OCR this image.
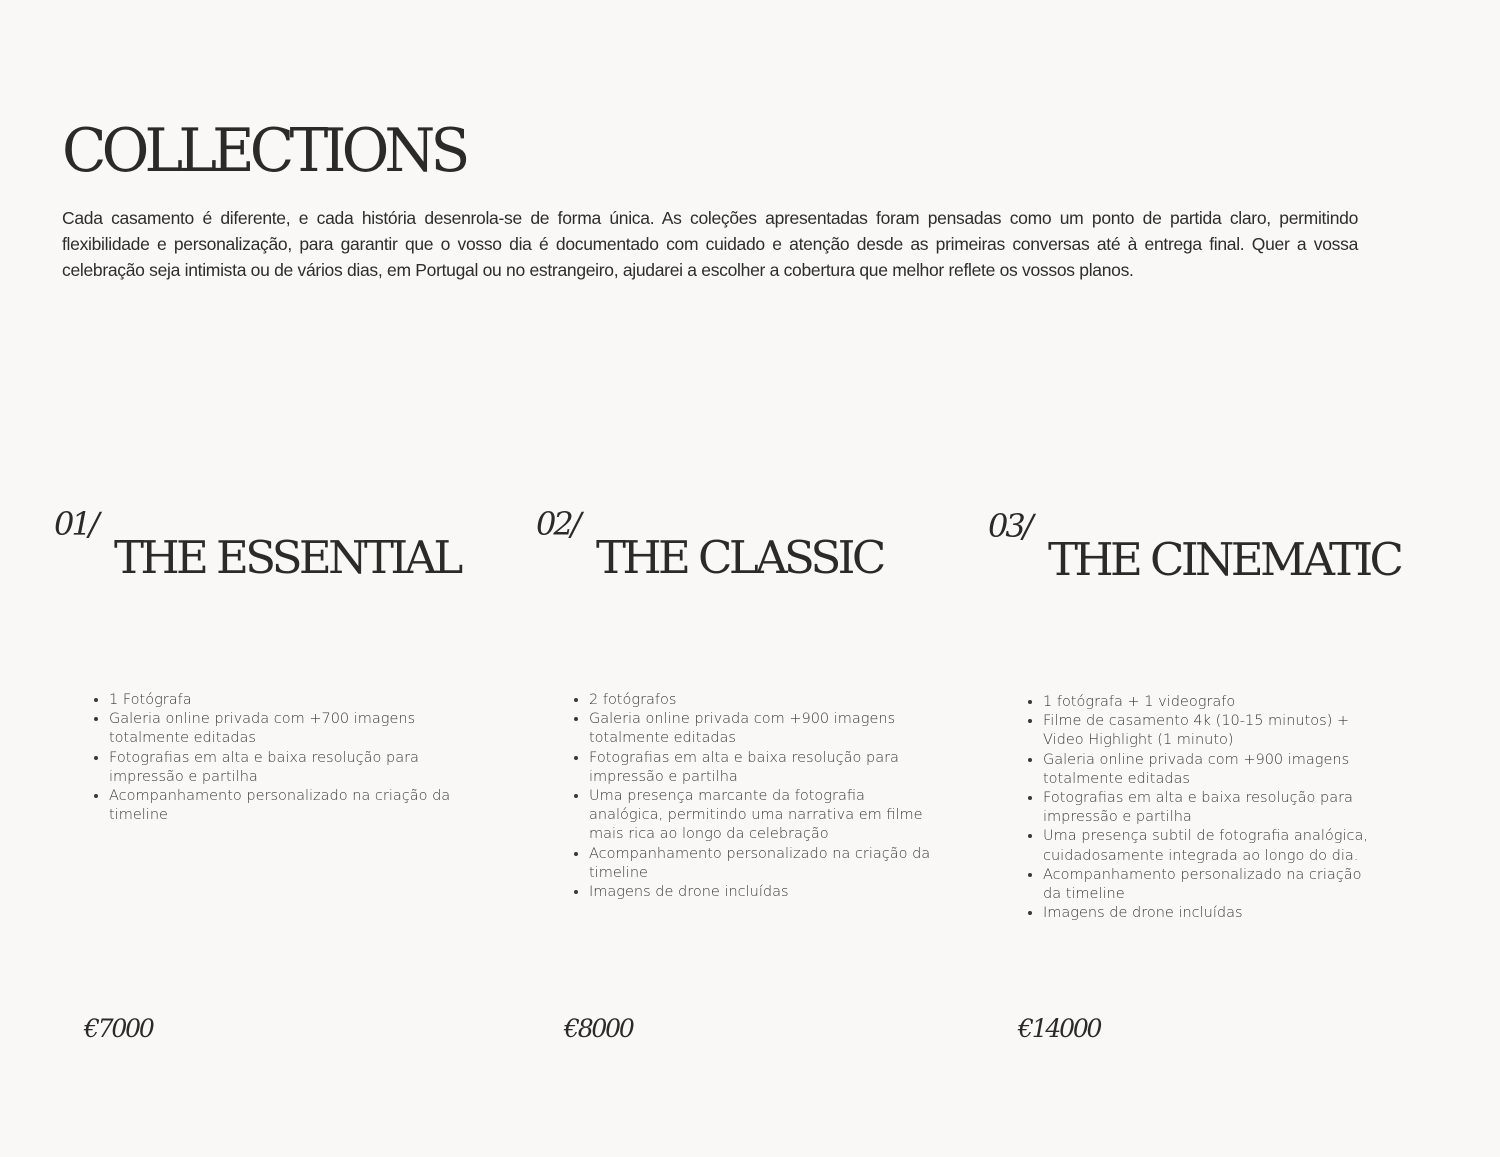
COLLECTIONS

Cada casamento é diferente, e cada história desenrola-se de forma única. As coleções apresentadas foram pensadas como um ponto de partida claro, permitindo flexibilidade e personalização, para garantir que o vosso dia é documentado com cuidado e atenção desde as primeiras conversas até à entrega final. Quer a vossa celebração seja intimista ou de vários dias, em Portugal ou no estrangeiro, ajudarei a escolher a cobertura que melhor reflete os vossos planos.

01/
THE ESSENTIAL
• 1 Fotógrafa
• Galeria online privada com +700 imagens totalmente editadas
• Fotografias em alta e baixa resolução para impressão e partilha
• Acompanhamento personalizado na criação da timeline
€7000
02/
THE CLASSIC
• 2 fotógrafos
• Galeria online privada com +900 imagens totalmente editadas
• Fotografias em alta e baixa resolução para impressão e partilha
• Uma presença marcante da fotografia analógica, permitindo uma narrativa em filme mais rica ao longo da celebração
• Acompanhamento personalizado na criação da timeline
• Imagens de drone incluídas
€8000
03/
THE CINEMATIC
• 1 fotógrafa + 1 videografo
• Filme de casamento 4k (10-15 minutos) + Video Highlight (1 minuto)
• Galeria online privada com +900 imagens totalmente editadas
• Fotografias em alta e baixa resolução para impressão e partilha
• Uma presença subtil de fotografia analógica, cuidadosamente integrada ao longo do dia.
• Acompanhamento personalizado na criação da timeline
• Imagens de drone incluídas
€14000
